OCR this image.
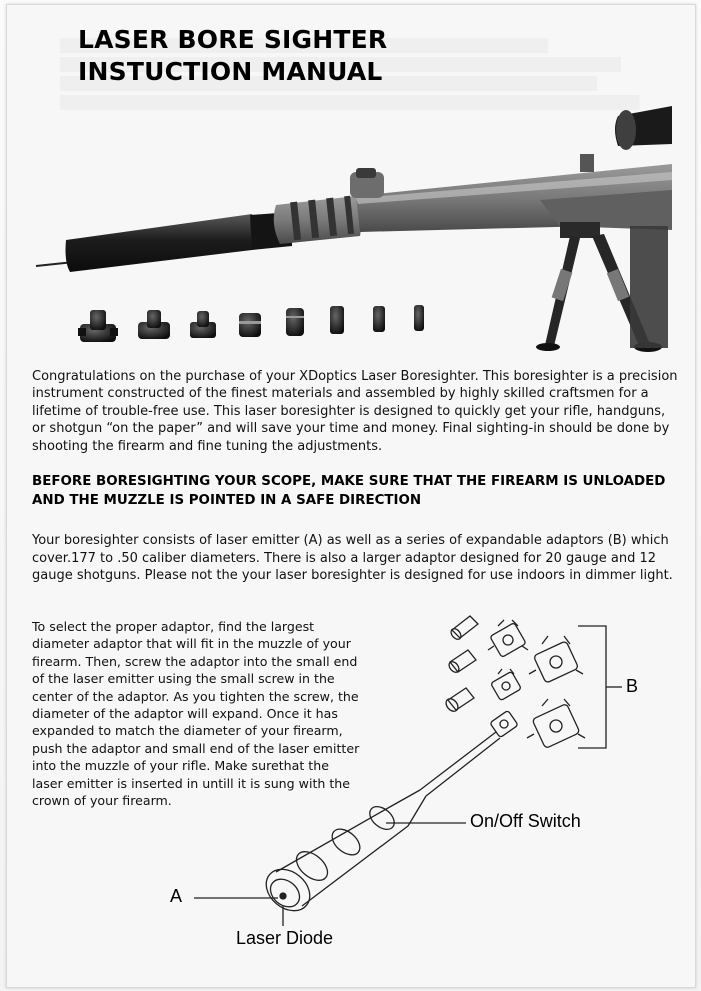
LASER BORE SIGHTER
INSTUCTION MANUAL

Congratulations on the purchase of your XDoptics Laser Boresighter. This boresighter is a precision instrument constructed of the finest materials and assembled by highly skilled craftsmen for a lifetime of trouble-free use. This laser boresighter is designed to quickly get your rifle, handguns, or shotgun “on the paper” and will save your time and money. Final sighting-in should be done by shooting the firearm and fine tuning the adjustments.

BEFORE BORESIGHTING YOUR SCOPE, MAKE SURE THAT THE FIREARM IS UNLOADED AND THE MUZZLE IS POINTED IN A SAFE DIRECTION

Your boresighter consists of laser emitter (A) as well as a series of expandable adaptors (B) which cover.177 to .50 caliber diameters. There is also a larger adaptor designed for 20 gauge and 12 gauge shotguns. Please not the your laser boresighter is designed for use indoors in dimmer light.

To select the proper adaptor, find the largest diameter adaptor that will fit in the muzzle of your firearm. Then, screw the adaptor into the small end of the laser emitter using the small screw in the center of the adaptor. As you tighten the screw, the diameter of the adaptor will expand. Once it has expanded to match the diameter of your firearm, push the adaptor and small end of the laser emitter into the muzzle of your rifle. Make surethat the laser emitter is inserted in untill it is sung with the crown of your firearm.

B
On/Off Switch
A
Laser Diode
